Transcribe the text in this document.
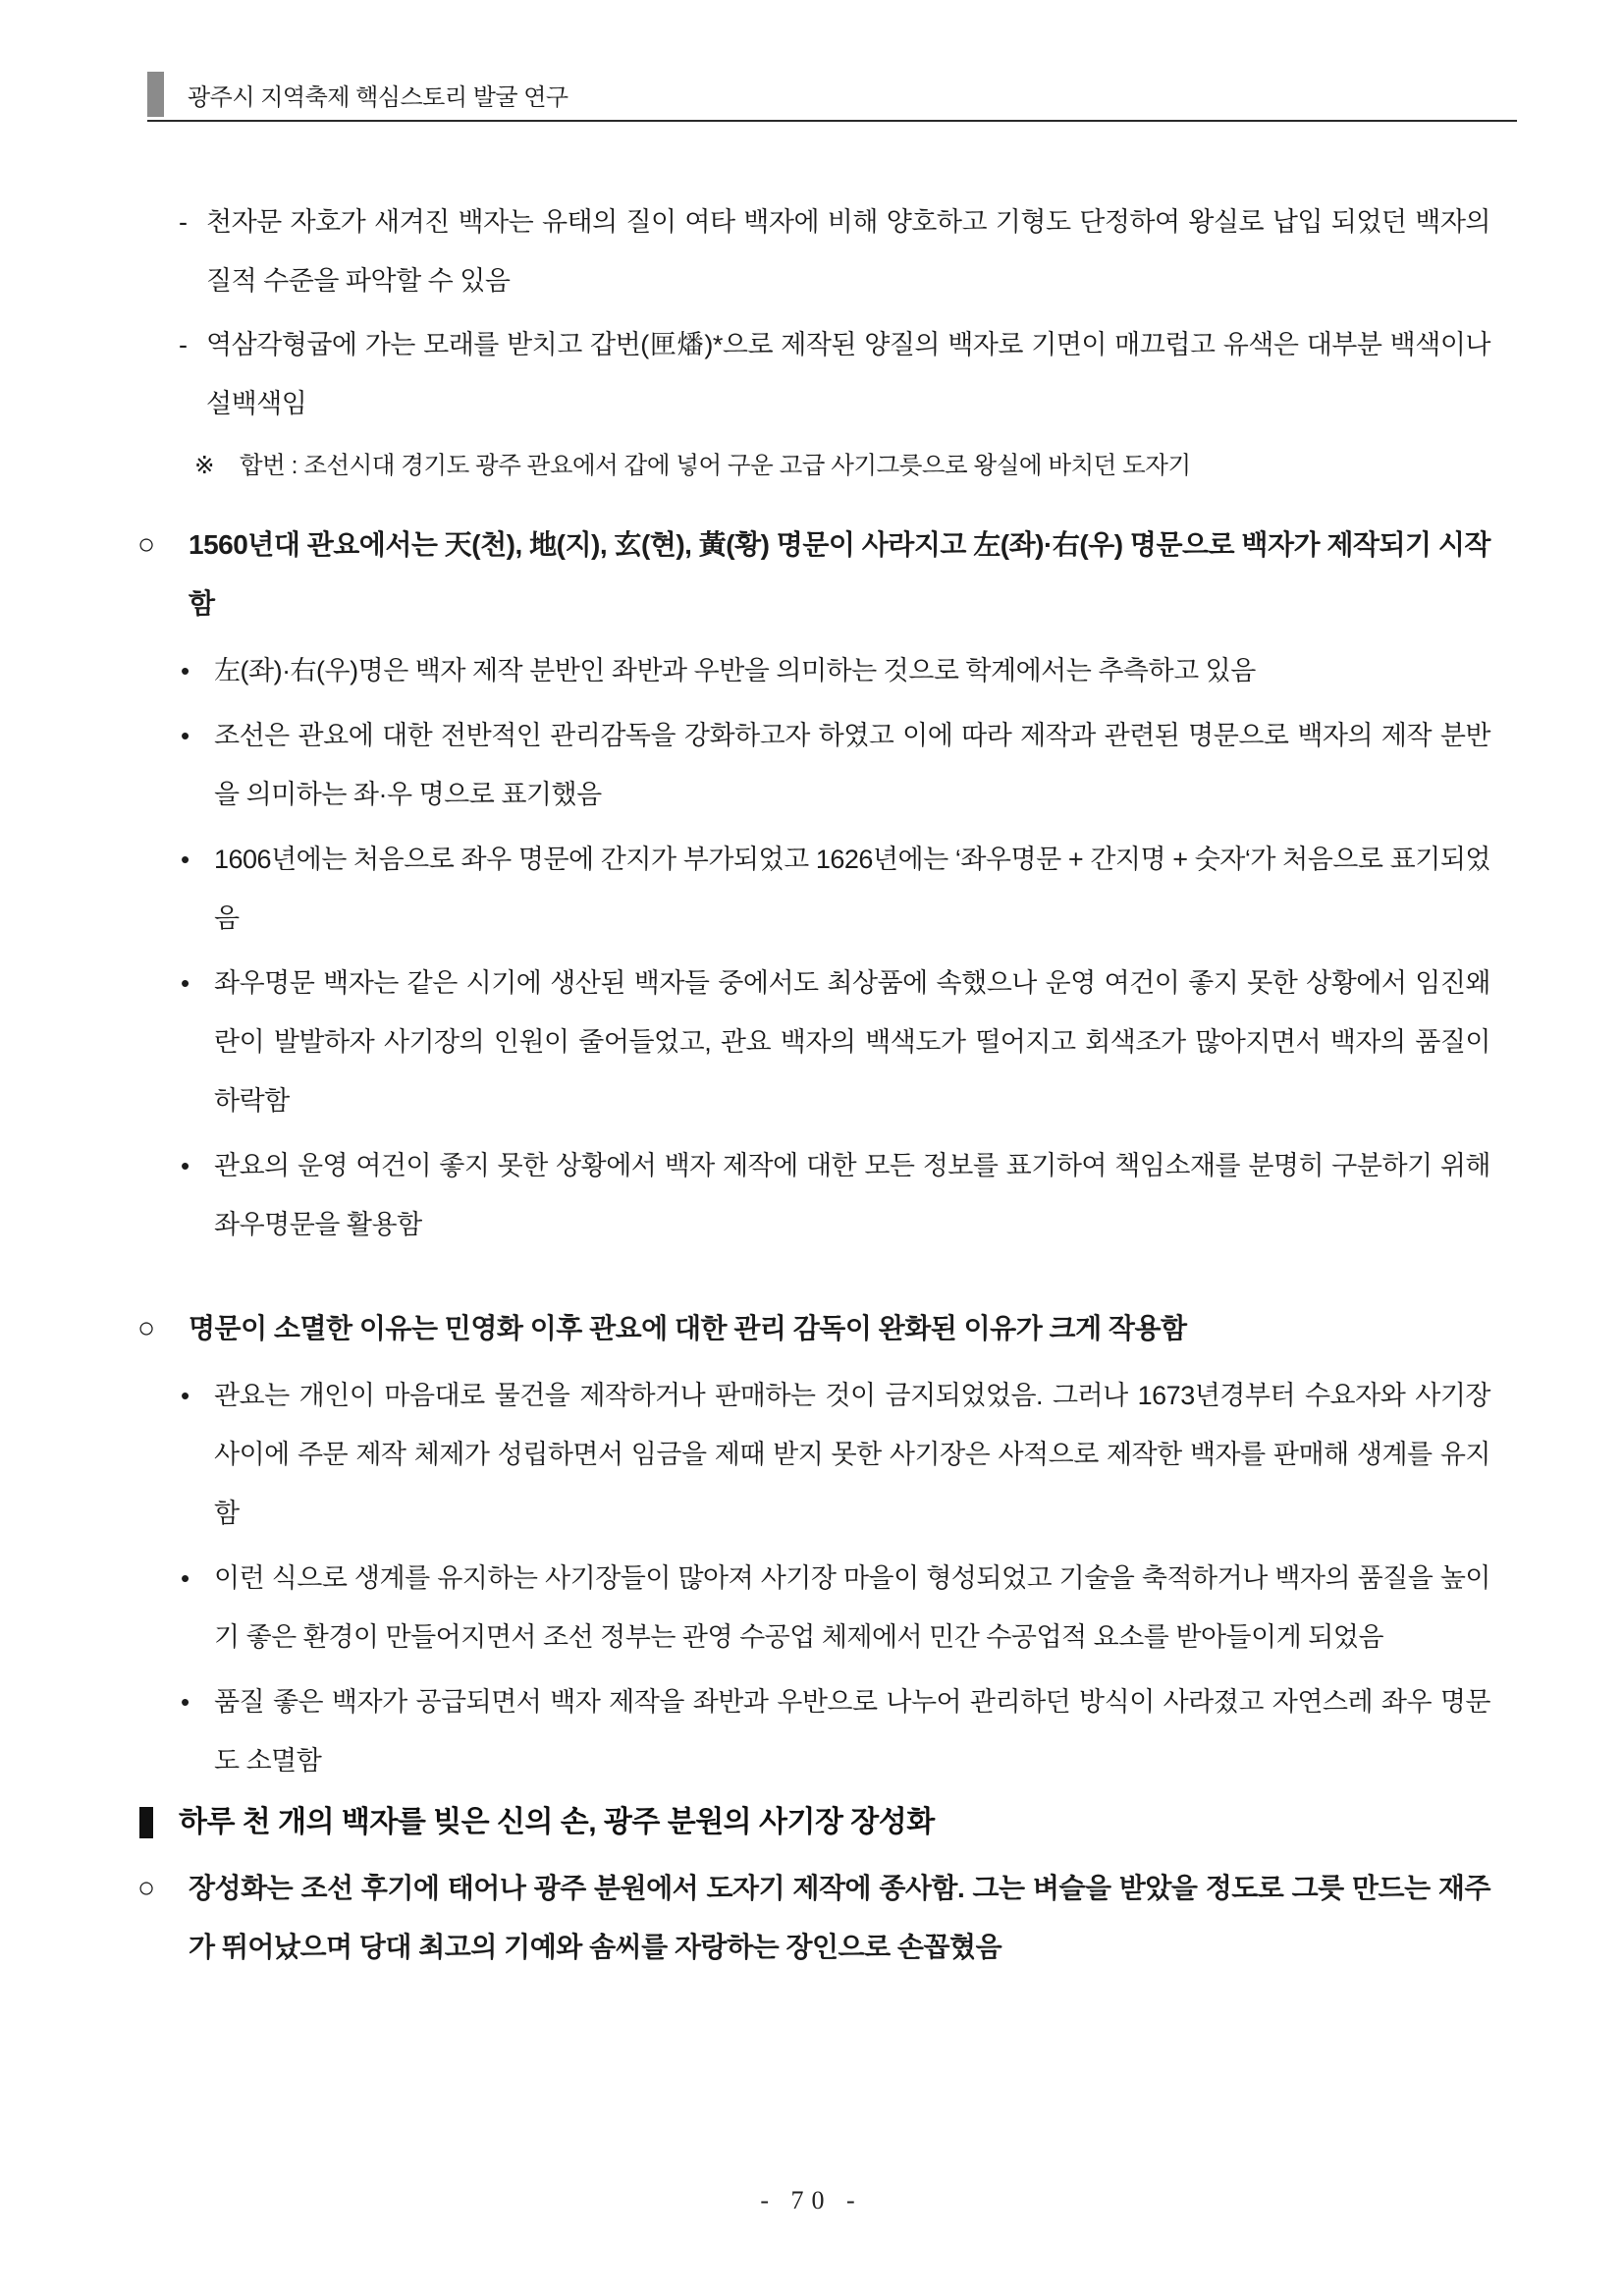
광주시 지역축제 핵심스토리 발굴 연구
- 천자문 자호가 새겨진 백자는 유태의 질이 여타 백자에 비해 양호하고 기형도 단정하여 왕실로 납입 되었던 백자의 질적 수준을 파악할 수 있음
- 역삼각형굽에 가는 모래를 받치고 갑번(匣燔)*으로 제작된 양질의 백자로 기면이 매끄럽고 유색은 대부분 백색이나 설백색임
※	합번 : 조선시대 경기도 광주 관요에서 갑에 넣어 구운 고급 사기그릇으로 왕실에 바치던 도자기
○	1560년대 관요에서는 天(천), 地(지), 玄(현), 黃(황) 명문이 사라지고 左(좌)·右(우) 명문으로 백자가 제작되기 시작함
• 左(좌)·右(우)명은 백자 제작 분반인 좌반과 우반을 의미하는 것으로 학계에서는 추측하고 있음
• 조선은 관요에 대한 전반적인 관리감독을 강화하고자 하였고 이에 따라 제작과 관련된 명문으로 백자의 제작 분반을 의미하는 좌·우 명으로 표기했음
• 1606년에는 처음으로 좌우 명문에 간지가 부가되었고 1626년에는 ‘좌우명문 + 간지명 + 숫자‘가 처음으로 표기되었음
• 좌우명문 백자는 같은 시기에 생산된 백자들 중에서도 최상품에 속했으나 운영 여건이 좋지 못한 상황에서 임진왜란이 발발하자 사기장의 인원이 줄어들었고, 관요 백자의 백색도가 떨어지고 회색조가 많아지면서 백자의 품질이 하락함
• 관요의 운영 여건이 좋지 못한 상황에서 백자 제작에 대한 모든 정보를 표기하여 책임소재를 분명히 구분하기 위해 좌우명문을 활용함
○	명문이 소멸한 이유는 민영화 이후 관요에 대한 관리 감독이 완화된 이유가 크게 작용함
• 관요는 개인이 마음대로 물건을 제작하거나 판매하는 것이 금지되었었음. 그러나 1673년경부터 수요자와 사기장 사이에 주문 제작 체제가 성립하면서 임금을 제때 받지 못한 사기장은 사적으로 제작한 백자를 판매해 생계를 유지함
• 이런 식으로 생계를 유지하는 사기장들이 많아져 사기장 마을이 형성되었고 기술을 축적하거나 백자의 품질을 높이기 좋은 환경이 만들어지면서 조선 정부는 관영 수공업 체제에서 민간 수공업적 요소를 받아들이게 되었음
• 품질 좋은 백자가 공급되면서 백자 제작을 좌반과 우반으로 나누어 관리하던 방식이 사라졌고 자연스레 좌우 명문도 소멸함
하루 천 개의 백자를 빚은 신의 손, 광주 분원의 사기장 장성화
○	장성화는 조선 후기에 태어나 광주 분원에서 도자기 제작에 종사함. 그는 벼슬을 받았을 정도로 그릇 만드는 재주가 뛰어났으며 당대 최고의 기예와 솜씨를 자랑하는 장인으로 손꼽혔음
- 70 -
